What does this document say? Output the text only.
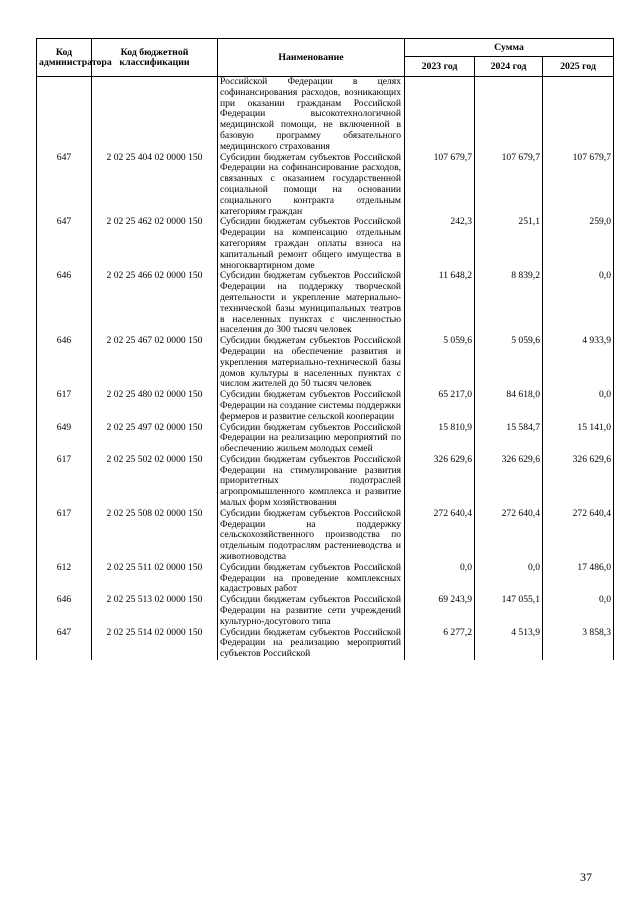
Код администратора	Код бюджетной классификации	Наименование	Сумма		
			2023 год	2024 год	2025 год
		Российской Федерации в целях софинансирования расходов, возникающих при оказании гражданам Российской Федерации высокотехнологичной медицинской помощи, не включенной в базовую программу обязательного медицинского страхования			
647	2 02 25 404 02 0000 150	Субсидии бюджетам субъектов Российской Федерации на софинансирование расходов, связанных с оказанием государственной социальной помощи на основании социального контракта отдельным категориям граждан	107 679,7	107 679,7	107 679,7
647	2 02 25 462 02 0000 150	Субсидии бюджетам субъектов Российской Федерации на компенсацию отдельным категориям граждан оплаты взноса на капитальный ремонт общего имущества в многоквартирном доме	242,3	251,1	259,0
646	2 02 25 466 02 0000 150	Субсидии бюджетам субъектов Российской Федерации на поддержку творческой деятельности и укрепление материально-технической базы муниципальных театров в населенных пунктах с численностью населения до 300 тысяч человек	11 648,2	8 839,2	0,0
646	2 02 25 467 02 0000 150	Субсидии бюджетам субъектов Российской Федерации на обеспечение развития и укрепления материально-технической базы домов культуры в населенных пунктах с числом жителей до 50 тысяч человек	5 059,6	5 059,6	4 933,9
617	2 02 25 480 02 0000 150	Субсидии бюджетам субъектов Российской Федерации на создание системы поддержки фермеров и развитие сельской кооперации	65 217,0	84 618,0	0,0
649	2 02 25 497 02 0000 150	Субсидии бюджетам субъектов Российской Федерации на реализацию мероприятий по обеспечению жильем молодых семей	15 810,9	15 584,7	15 141,0
617	2 02 25 502 02 0000 150	Субсидии бюджетам субъектов Российской Федерации на стимулирование развития приоритетных подотраслей агропромышленного комплекса и развитие малых форм хозяйствования	326 629,6	326 629,6	326 629,6
617	2 02 25 508 02 0000 150	Субсидии бюджетам субъектов Российской Федерации на поддержку сельскохозяйственного производства по отдельным подотраслям растениеводства и животноводства	272 640,4	272 640,4	272 640,4
612	2 02 25 511 02 0000 150	Субсидии бюджетам субъектов Российской Федерации на проведение комплексных кадастровых работ	0,0	0,0	17 486,0
646	2 02 25 513 02 0000 150	Субсидии бюджетам субъектов Российской Федерации на развитие сети учреждений культурно-досугового типа	69 243,9	147 055,1	0,0
647	2 02 25 514 02 0000 150	Субсидии бюджетам субъектов Российской Федерации на реализацию мероприятий субъектов Российской	6 277,2	4 513,9	3 858,3
37
